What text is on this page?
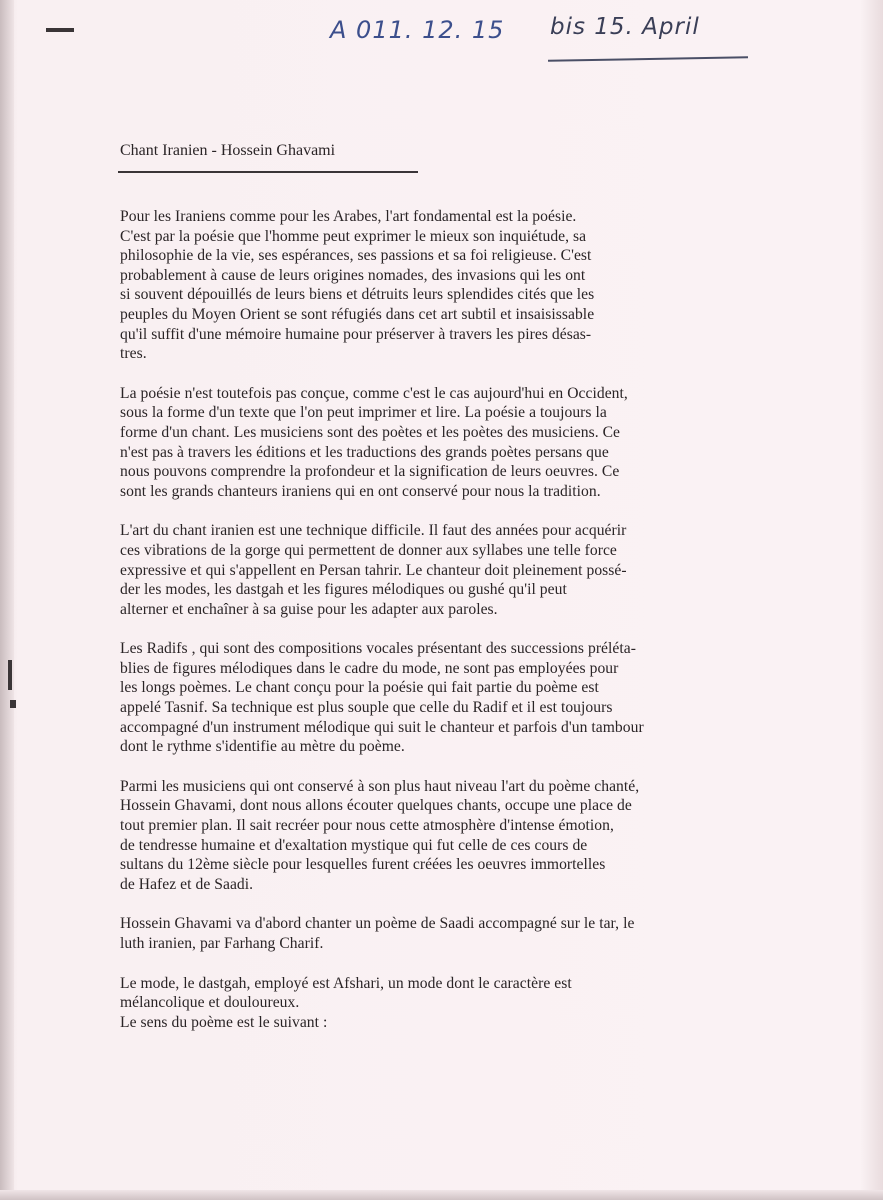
A 011. 12. 15 bis 15. April
Chant Iranien - Hossein Ghavami
Pour les Iraniens comme pour les Arabes, l'art fondamental est la poésie.
C'est par la poésie que l'homme peut exprimer le mieux son inquiétude, sa
philosophie de la vie, ses espérances, ses passions et sa foi religieuse. C'est
probablement à cause de leurs origines nomades, des invasions qui les ont
si souvent dépouillés de leurs biens et détruits leurs splendides cités que les
peuples du Moyen Orient se sont réfugiés dans cet art subtil et insaisissable
qu'il suffit d'une mémoire humaine pour préserver à travers les pires désas-
tres.
La poésie n'est toutefois pas conçue, comme c'est le cas aujourd'hui en Occident,
sous la forme d'un texte que l'on peut imprimer et lire. La poésie a toujours la
forme d'un chant. Les musiciens sont des poètes et les poètes des musiciens. Ce
n'est pas à travers les éditions et les traductions des grands poètes persans que
nous pouvons comprendre la profondeur et la signification de leurs oeuvres. Ce
sont les grands chanteurs iraniens qui en ont conservé pour nous la tradition.
L'art du chant iranien est une technique difficile. Il faut des années pour acquérir
ces vibrations de la gorge qui permettent de donner aux syllabes une telle force
expressive et qui s'appellent en Persan tahrir. Le chanteur doit pleinement possé-
der les modes, les dastgah et les figures mélodiques ou gushé qu'il peut
alterner et enchaîner à sa guise pour les adapter aux paroles.
Les Radifs , qui sont des compositions vocales présentant des successions préléta-
blies de figures mélodiques dans le cadre du mode, ne sont pas employées pour
les longs poèmes. Le chant conçu pour la poésie qui fait partie du poème est
appelé Tasnif. Sa technique est plus souple que celle du Radif et il est toujours
accompagné d'un instrument mélodique qui suit le chanteur et parfois d'un tambour
dont le rythme s'identifie au mètre du poème.
Parmi les musiciens qui ont conservé à son plus haut niveau l'art du poème chanté,
Hossein Ghavami, dont nous allons écouter quelques chants, occupe une place de
tout premier plan. Il sait recréer pour nous cette atmosphère d'intense émotion,
de tendresse humaine et d'exaltation mystique qui fut celle de ces cours de
sultans du 12ème siècle pour lesquelles furent créées les oeuvres immortelles
de Hafez et de Saadi.
Hossein Ghavami va d'abord chanter un poème de Saadi accompagné sur le tar, le
luth iranien, par Farhang Charif.
Le mode, le dastgah, employé est Afshari, un mode dont le caractère est
mélancolique et douloureux.
Le sens du poème est le suivant :
